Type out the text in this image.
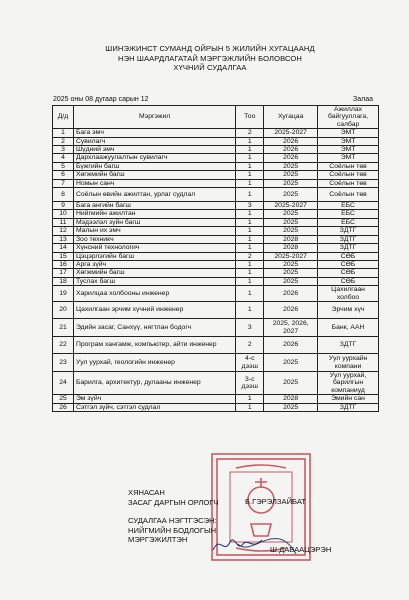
ШИНЭЖИНСТ СУМАНД ОЙРЫН 5 ЖИЛИЙН ХУГАЦААНД
НЭН ШААРДЛАГАТАЙ МЭРГЭЖЛИЙН БОЛОВСОН
ХҮЧНИЙ СУДАЛГАА
2025 оны 08 дугаар сарын 12	Залаа
Д/д	Мэргэжил	Тоо	Хугацаа	Ажиллах байгууллага, салбар
1	Бага эмч	2	2025-2027	ЭМТ
2	Сувилагч	1	2026	ЭМТ
3	Шүдний эмч	1	2026	ЭМТ
4	Дархлаажуулалтын сувилагч	1	2026	ЭМТ
5	Бүжгийн багш	1	2025	Соёлын төв
6	Хөгжмийн багш	1	2025	Соёлын төв
7	Номын санч	1	2025	Соёлын төв
8	Соёлын өвийн ажилтан, урлаг судлал	1	2025	Соёлын төв
9	Бага ангийн багш	3	2025-2027	ЕБС
10	Нийгмийн ажилтан	1	2025	ЕБС
11	Мэдээлэл зүйн багш	1	2025	ЕБС
12	Малын их эмч	1	2025	ЗДТГ
13	Зоо техникч	1	2028	ЗДТГ
14	Хүнсний технологич	1	2028	ЗДТГ
15	Цэцэрлэгийн багш	2	2025-2027	СӨБ
16	Арга зүйч	1	2025	СӨБ
17	Хөгжмийн багш	1	2025	СӨБ
18	Туслах багш	1	2025	СӨБ
19	Харилцаа холбооны инженер	1	2026	Цахилгаан холбоо
20	Цахилгаан эрчим хүчний инженер	1	2026	Эрчим хүч
21	Эдийн засаг, Санхүү, нягтлан бодогч	3	2025, 2026, 2027	Банк, ААН
22	Програм хангамж, компьютер, айти инженер	2	2026	ЗДТГ
23	Уул уурхай, геологийн инженер	4-с дээш	2025	Уул уурхайн компани
24	Барилга, архитектур, дулааны инженер	3-с дээш	2025	Уул уурхай, барилгын компаниуд
25	Эм зүйч	1	2028	Эмийн сан
26	Сэтгэл зүйч, сэтгэл судлал	1	2025	ЗДТГ
ХЯНАСАН
ЗАСАГ ДАРГЫН ОРЛОГЧ
СУДАЛГАА НЭГТГЭСЭН:
НИЙГМИЙН БОДЛОГЫН
МЭРГЭЖИЛТЭН
Б.ГЭРЭЛЗАЙБАТ
Ш.ДАВААЦЭРЭН
